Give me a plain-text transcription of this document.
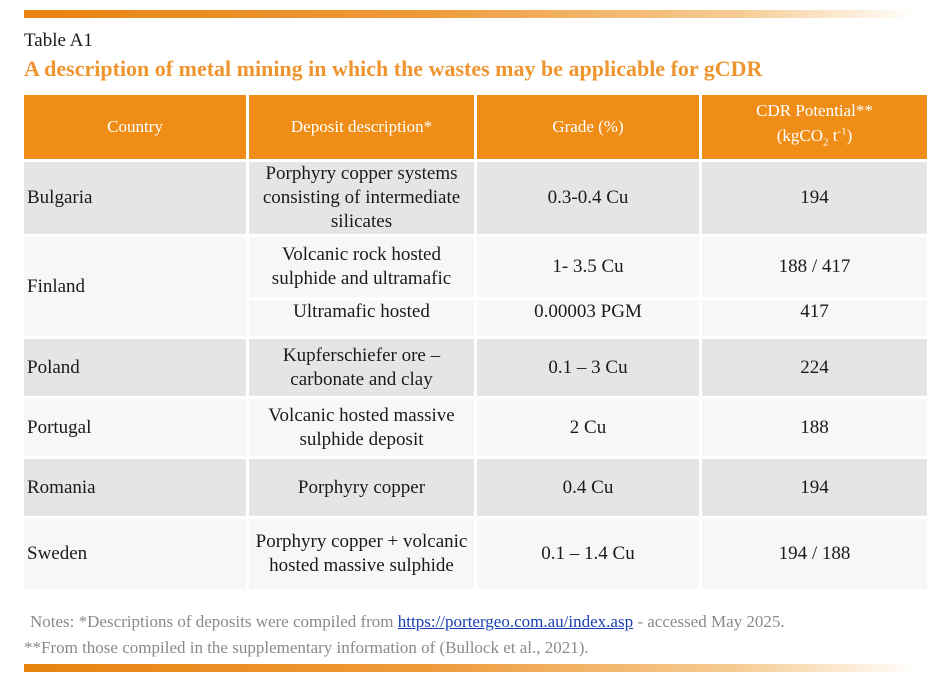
Table A1
A description of metal mining in which the wastes may be applicable for gCDR
Country	Deposit description*	Grade (%)	CDR Potential**
(kgCO$_2$ $t^{-1}$)
Bulgaria	Porphyry copper systems consisting of intermediate silicates	0.3-0.4 Cu	194
Finland	Volcanic rock hosted sulphide and ultramafic	1- 3.5 Cu	188 / 417
	Ultramafic hosted	0.00003 PGM	417
Poland	Kupferschiefer ore – carbonate and clay	0.1 – 3 Cu	224
Portugal	Volcanic hosted massive sulphide deposit	2 Cu	188
Romania	Porphyry copper	0.4 Cu	194
Sweden	Porphyry copper + volcanic hosted massive sulphide	0.1 – 1.4 Cu	194 / 188
Notes: *Descriptions of deposits were compiled from https://portergeo.com.au/index.asp - accessed May 2025.
**From those compiled in the supplementary information of (Bullock et al., 2021).
